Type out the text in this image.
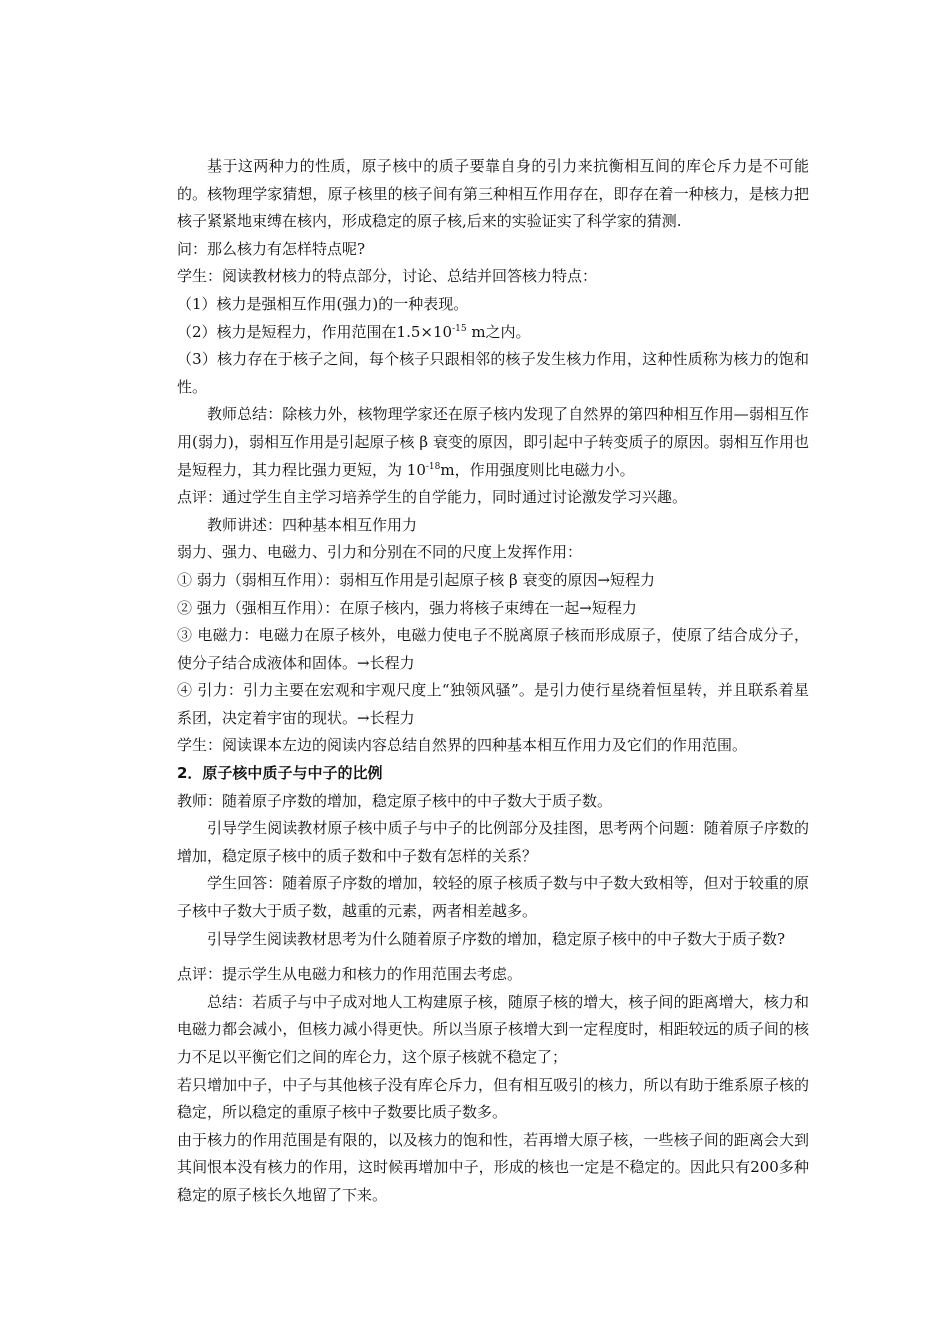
基于这两种力的性质，原子核中的质子要靠自身的引力来抗衡相互间的库仑斥力是不可能的。核物理学家猜想，原子核里的核子间有第三种相互作用存在，即存在着一种核力，是核力把核子紧紧地束缚在核内，形成稳定的原子核,后来的实验证实了科学家的猜测.

问：那么核力有怎样特点呢?

学生：阅读教材核力的特点部分，讨论、总结并回答核力特点：

（1）核力是强相互作用(强力)的一种表现。

（2）核力是短程力，作用范围在$1.5\times 10^{-15}$ m之内。

（3）核力存在于核子之间，每个核子只跟相邻的核子发生核力作用，这种性质称为核力的饱和性。

教师总结：除核力外，核物理学家还在原子核内发现了自然界的第四种相互作用—弱相互作用(弱力)，弱相互作用是引起原子核 β 衰变的原因，即引起中子转变质子的原因。弱相互作用也是短程力，其力程比强力更短，为 $10^{-18}m$，作用强度则比电磁力小。

点评：通过学生自主学习培养学生的自学能力，同时通过讨论激发学习兴趣。

教师讲述：四种基本相互作用力

弱力、强力、电磁力、引力和分别在不同的尺度上发挥作用：

① 弱力（弱相互作用）：弱相互作用是引起原子核 β 衰变的原因→短程力

② 强力（强相互作用）：在原子核内，强力将核子束缚在一起→短程力

③ 电磁力：电磁力在原子核外，电磁力使电子不脱离原子核而形成原子，使原了结合成分子，使分子结合成液体和固体。→长程力

④ 引力：引力主要在宏观和宇观尺度上“独领风骚”。是引力使行星绕着恒星转，并且联系着星系团，决定着宇宙的现状。→长程力

学生：阅读课本左边的阅读内容总结自然界的四种基本相互作用力及它们的作用范围。

2．原子核中质子与中子的比例

教师：随着原子序数的增加，稳定原子核中的中子数大于质子数。

引导学生阅读教材原子核中质子与中子的比例部分及挂图，思考两个问题：随着原子序数的增加，稳定原子核中的质子数和中子数有怎样的关系？

学生回答：随着原子序数的增加，较轻的原子核质子数与中子数大致相等，但对于较重的原子核中子数大于质子数，越重的元素，两者相差越多。

引导学生阅读教材思考为什么随着原子序数的增加，稳定原子核中的中子数大于质子数?

点评：提示学生从电磁力和核力的作用范围去考虑。

总结：若质子与中子成对地人工构建原子核，随原子核的增大，核子间的距离增大，核力和电磁力都会减小，但核力减小得更快。所以当原子核增大到一定程度时，相距较远的质子间的核力不足以平衡它们之间的库仑力，这个原子核就不稳定了；

若只增加中子，中子与其他核子没有库仑斥力，但有相互吸引的核力，所以有助于维系原子核的稳定，所以稳定的重原子核中子数要比质子数多。

由于核力的作用范围是有限的，以及核力的饱和性，若再增大原子核，一些核子间的距离会大到其间恨本没有核力的作用，这时候再增加中子，形成的核也一定是不稳定的。因此只有200多种稳定的原子核长久地留了下来。
